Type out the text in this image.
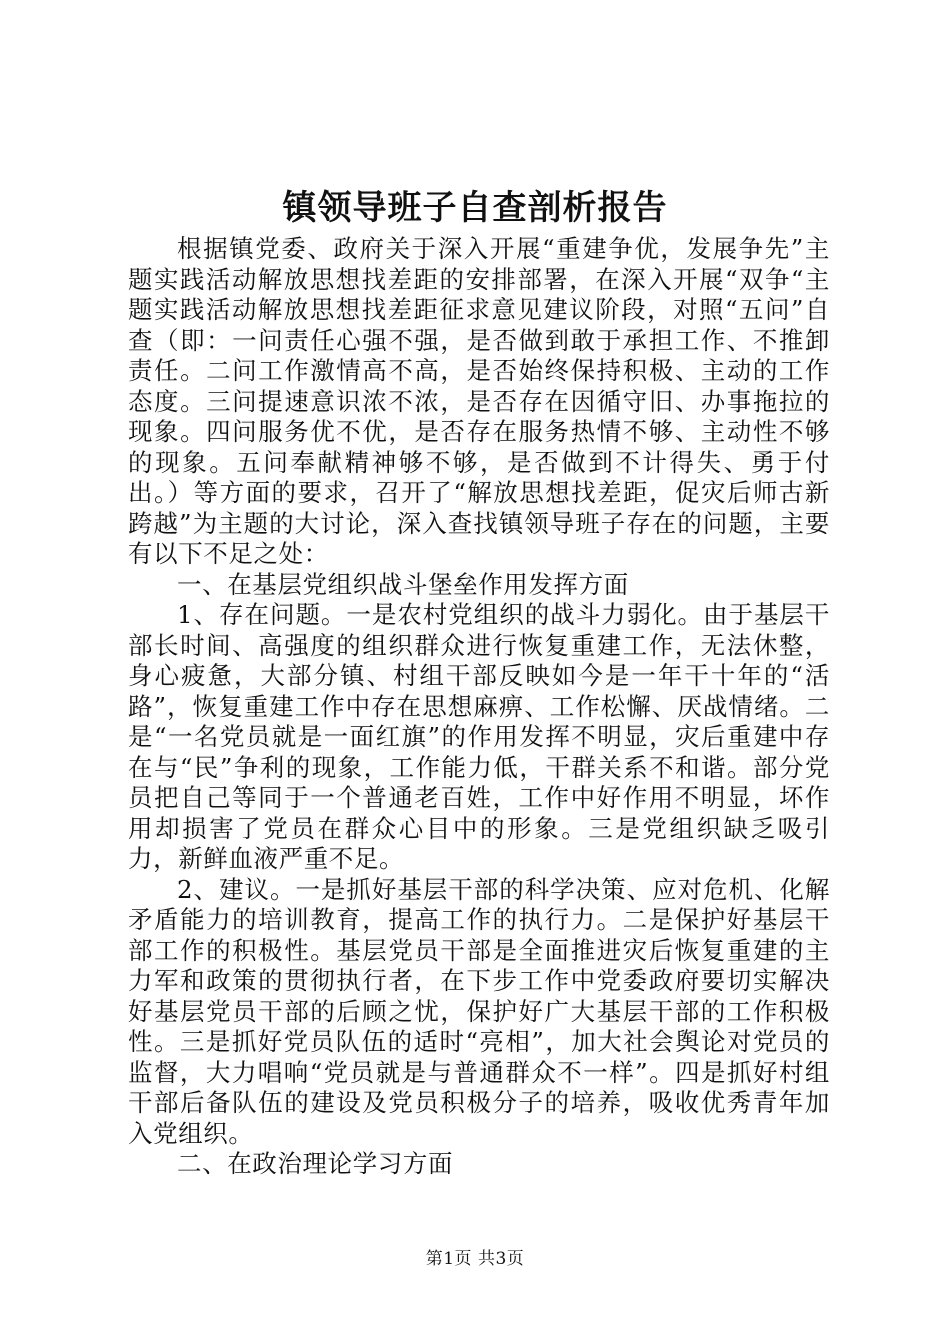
镇领导班子自查剖析报告

根据镇党委、政府关于深入开展“重建争优，发展争先”主题实践活动解放思想找差距的安排部署，在深入开展“双争“主题实践活动解放思想找差距征求意见建议阶段，对照“五问”自查（即：一问责任心强不强，是否做到敢于承担工作、不推卸责任。二问工作激情高不高，是否始终保持积极、主动的工作态度。三问提速意识浓不浓，是否存在因循守旧、办事拖拉的现象。四问服务优不优，是否存在服务热情不够、主动性不够的现象。五问奉献精神够不够，是否做到不计得失、勇于付出。）等方面的要求，召开了“解放思想找差距，促灾后师古新跨越”为主题的大讨论，深入查找镇领导班子存在的问题，主要有以下不足之处：

一、在基层党组织战斗堡垒作用发挥方面

1、存在问题。一是农村党组织的战斗力弱化。由于基层干部长时间、高强度的组织群众进行恢复重建工作，无法休整，身心疲惫，大部分镇、村组干部反映如今是一年干十年的“活路”，恢复重建工作中存在思想麻痹、工作松懈、厌战情绪。二是“一名党员就是一面红旗”的作用发挥不明显，灾后重建中存在与“民”争利的现象，工作能力低，干群关系不和谐。部分党员把自己等同于一个普通老百姓，工作中好作用不明显，坏作用却损害了党员在群众心目中的形象。三是党组织缺乏吸引力，新鲜血液严重不足。

2、建议。一是抓好基层干部的科学决策、应对危机、化解矛盾能力的培训教育，提高工作的执行力。二是保护好基层干部工作的积极性。基层党员干部是全面推进灾后恢复重建的主力军和政策的贯彻执行者，在下步工作中党委政府要切实解决好基层党员干部的后顾之忧，保护好广大基层干部的工作积极性。三是抓好党员队伍的适时“亮相”，加大社会舆论对党员的监督，大力唱响“党员就是与普通群众不一样”。四是抓好村组干部后备队伍的建设及党员积极分子的培养，吸收优秀青年加入党组织。

二、在政治理论学习方面

第1页 共3页
